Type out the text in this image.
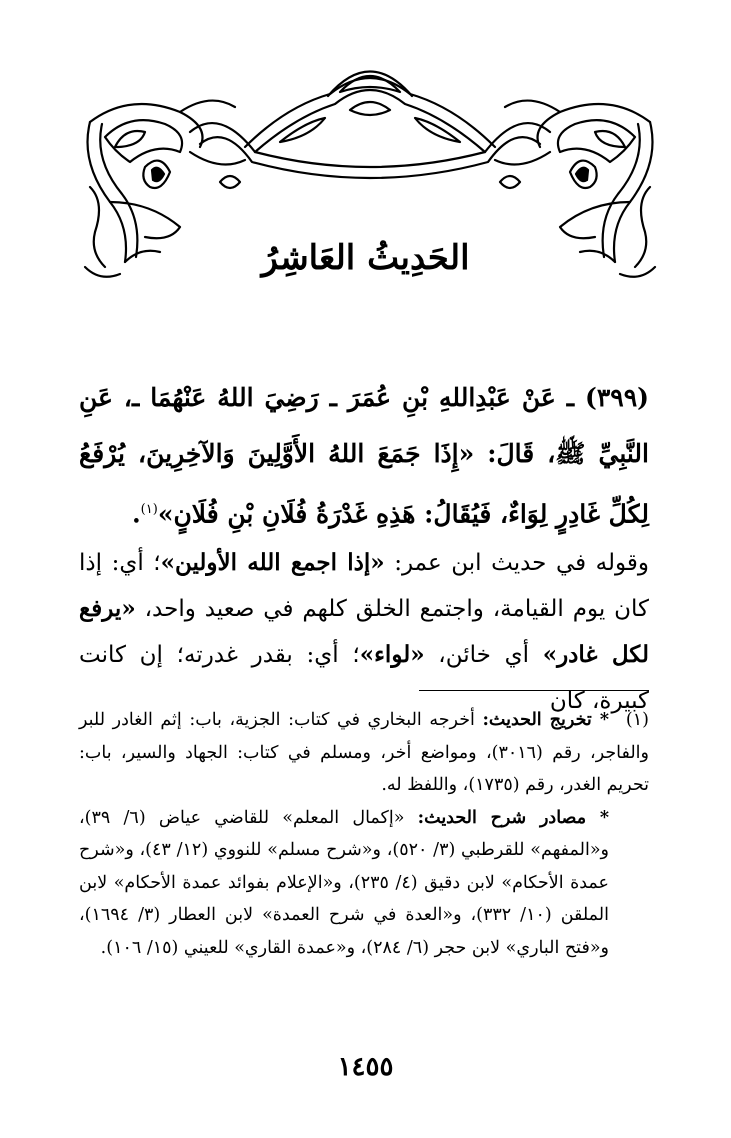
الحَدِيثُ العَاشِرُ
(٣٩٩) ـ عَنْ عَبْدِاللهِ بْنِ عُمَرَ ـ رَضِيَ اللهُ عَنْهُمَا ـ، عَنِ النَّبِيِّ ﷺ، قَالَ: «إِذَا جَمَعَ اللهُ الأَوَّلِينَ وَالآخِرِينَ، يُرْفَعُ لِكُلِّ غَادِرٍ لِوَاءٌ، فَيُقَالُ: هَذِهِ غَدْرَةُ فُلَانِ بْنِ فُلَانٍ»$^{(١)}$.
وقوله في حديث ابن عمر: «إذا اجمع الله الأولين»؛ أي: إذا كان يوم القيامة، واجتمع الخلق كلهم في صعيد واحد، «يرفع لكل غادر» أي خائن، «لواء»؛ أي: بقدر غدرته؛ إن كانت كبيرة، كان

(١)* تخريج الحديث: أخرجه البخاري في كتاب: الجزية، باب: إثم الغادر للبر والفاجر، رقم (٣٠١٦)، ومواضع أخر، ومسلم في كتاب: الجهاد والسير، باب: تحريم الغدر، رقم (١٧٣٥)، واللفظ له.

* مصادر شرح الحديث: «إكمال المعلم» للقاضي عياض (٦/ ٣٩)، و«المفهم» للقرطبي (٣/ ٥٢٠)، و«شرح مسلم» للنووي (١٢/ ٤٣)، و«شرح عمدة الأحكام» لابن دقيق (٤/ ٢٣٥)، و«الإعلام بفوائد عمدة الأحكام» لابن الملقن (١٠/ ٣٣٢)، و«العدة في شرح العمدة» لابن العطار (٣/ ١٦٩٤)، و«فتح الباري» لابن حجر (٦/ ٢٨٤)، و«عمدة القاري» للعيني (١٥/ ١٠٦).

١٤٥٥
